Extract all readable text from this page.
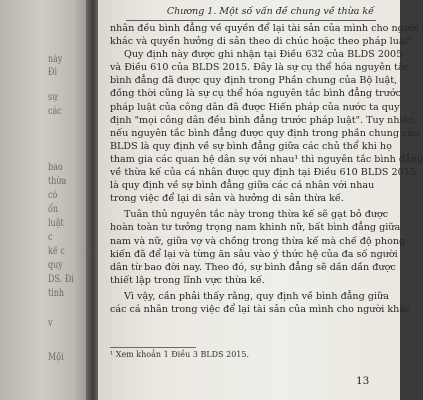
này
Đi
sự
các
bao
thừa
có
ổn
luật
c
kế c
quy
DS. Đi
tình
v
Mội
Chương 1. Một số vấn đề chung về thừa kế

nhân đều bình đẳng về quyền để lại tài sản của mình cho người
khác và quyền hưởng di sản theo di chúc hoặc theo pháp luật".

Quy định này được ghi nhận tại Điều 632 của BLDS 2005
và Điều 610 của BLDS 2015. Đây là sự cụ thể hóa nguyên tắc
bình đẳng đã được quy định trong Phần chung của Bộ luật,
đồng thời cũng là sự cụ thể hóa nguyên tắc bình đẳng trước
pháp luật của công dân đã được Hiến pháp của nước ta quy
định "mọi công dân đều bình đẳng trước pháp luật". Tuy nhiên,
nếu nguyên tắc bình đẳng được quy định trong phần chung của
BLDS là quy định về sự bình đẳng giữa các chủ thể khi họ
tham gia các quan hệ dân sự với nhau¹ thì nguyên tắc bình đẳng
về thừa kế của cá nhân được quy định tại Điều 610 BLDS 2015
là quy định về sự bình đẳng giữa các cá nhân với nhau
trong việc để lại di sản và hưởng di sản thừa kế.

Tuân thủ nguyên tắc này trong thừa kế sẽ gạt bỏ được
hoàn toàn tư tưởng trọng nam khinh nữ, bất bình đẳng giữa
nam và nữ, giữa vợ và chồng trong thừa kế mà chế độ phong
kiến đã để lại và từng ăn sâu vào ý thức hệ của đa số người
dân từ bao đời nay. Theo đó, sự bình đẳng sẽ dần dần được
thiết lập trong lĩnh vực thừa kế.

Vì vậy, cần phải thấy rằng, quy định về bình đẳng giữa
các cá nhân trong việc để lại tài sản của mình cho người khác

¹ Xem khoản 1 Điều 3 BLDS 2015.
13
